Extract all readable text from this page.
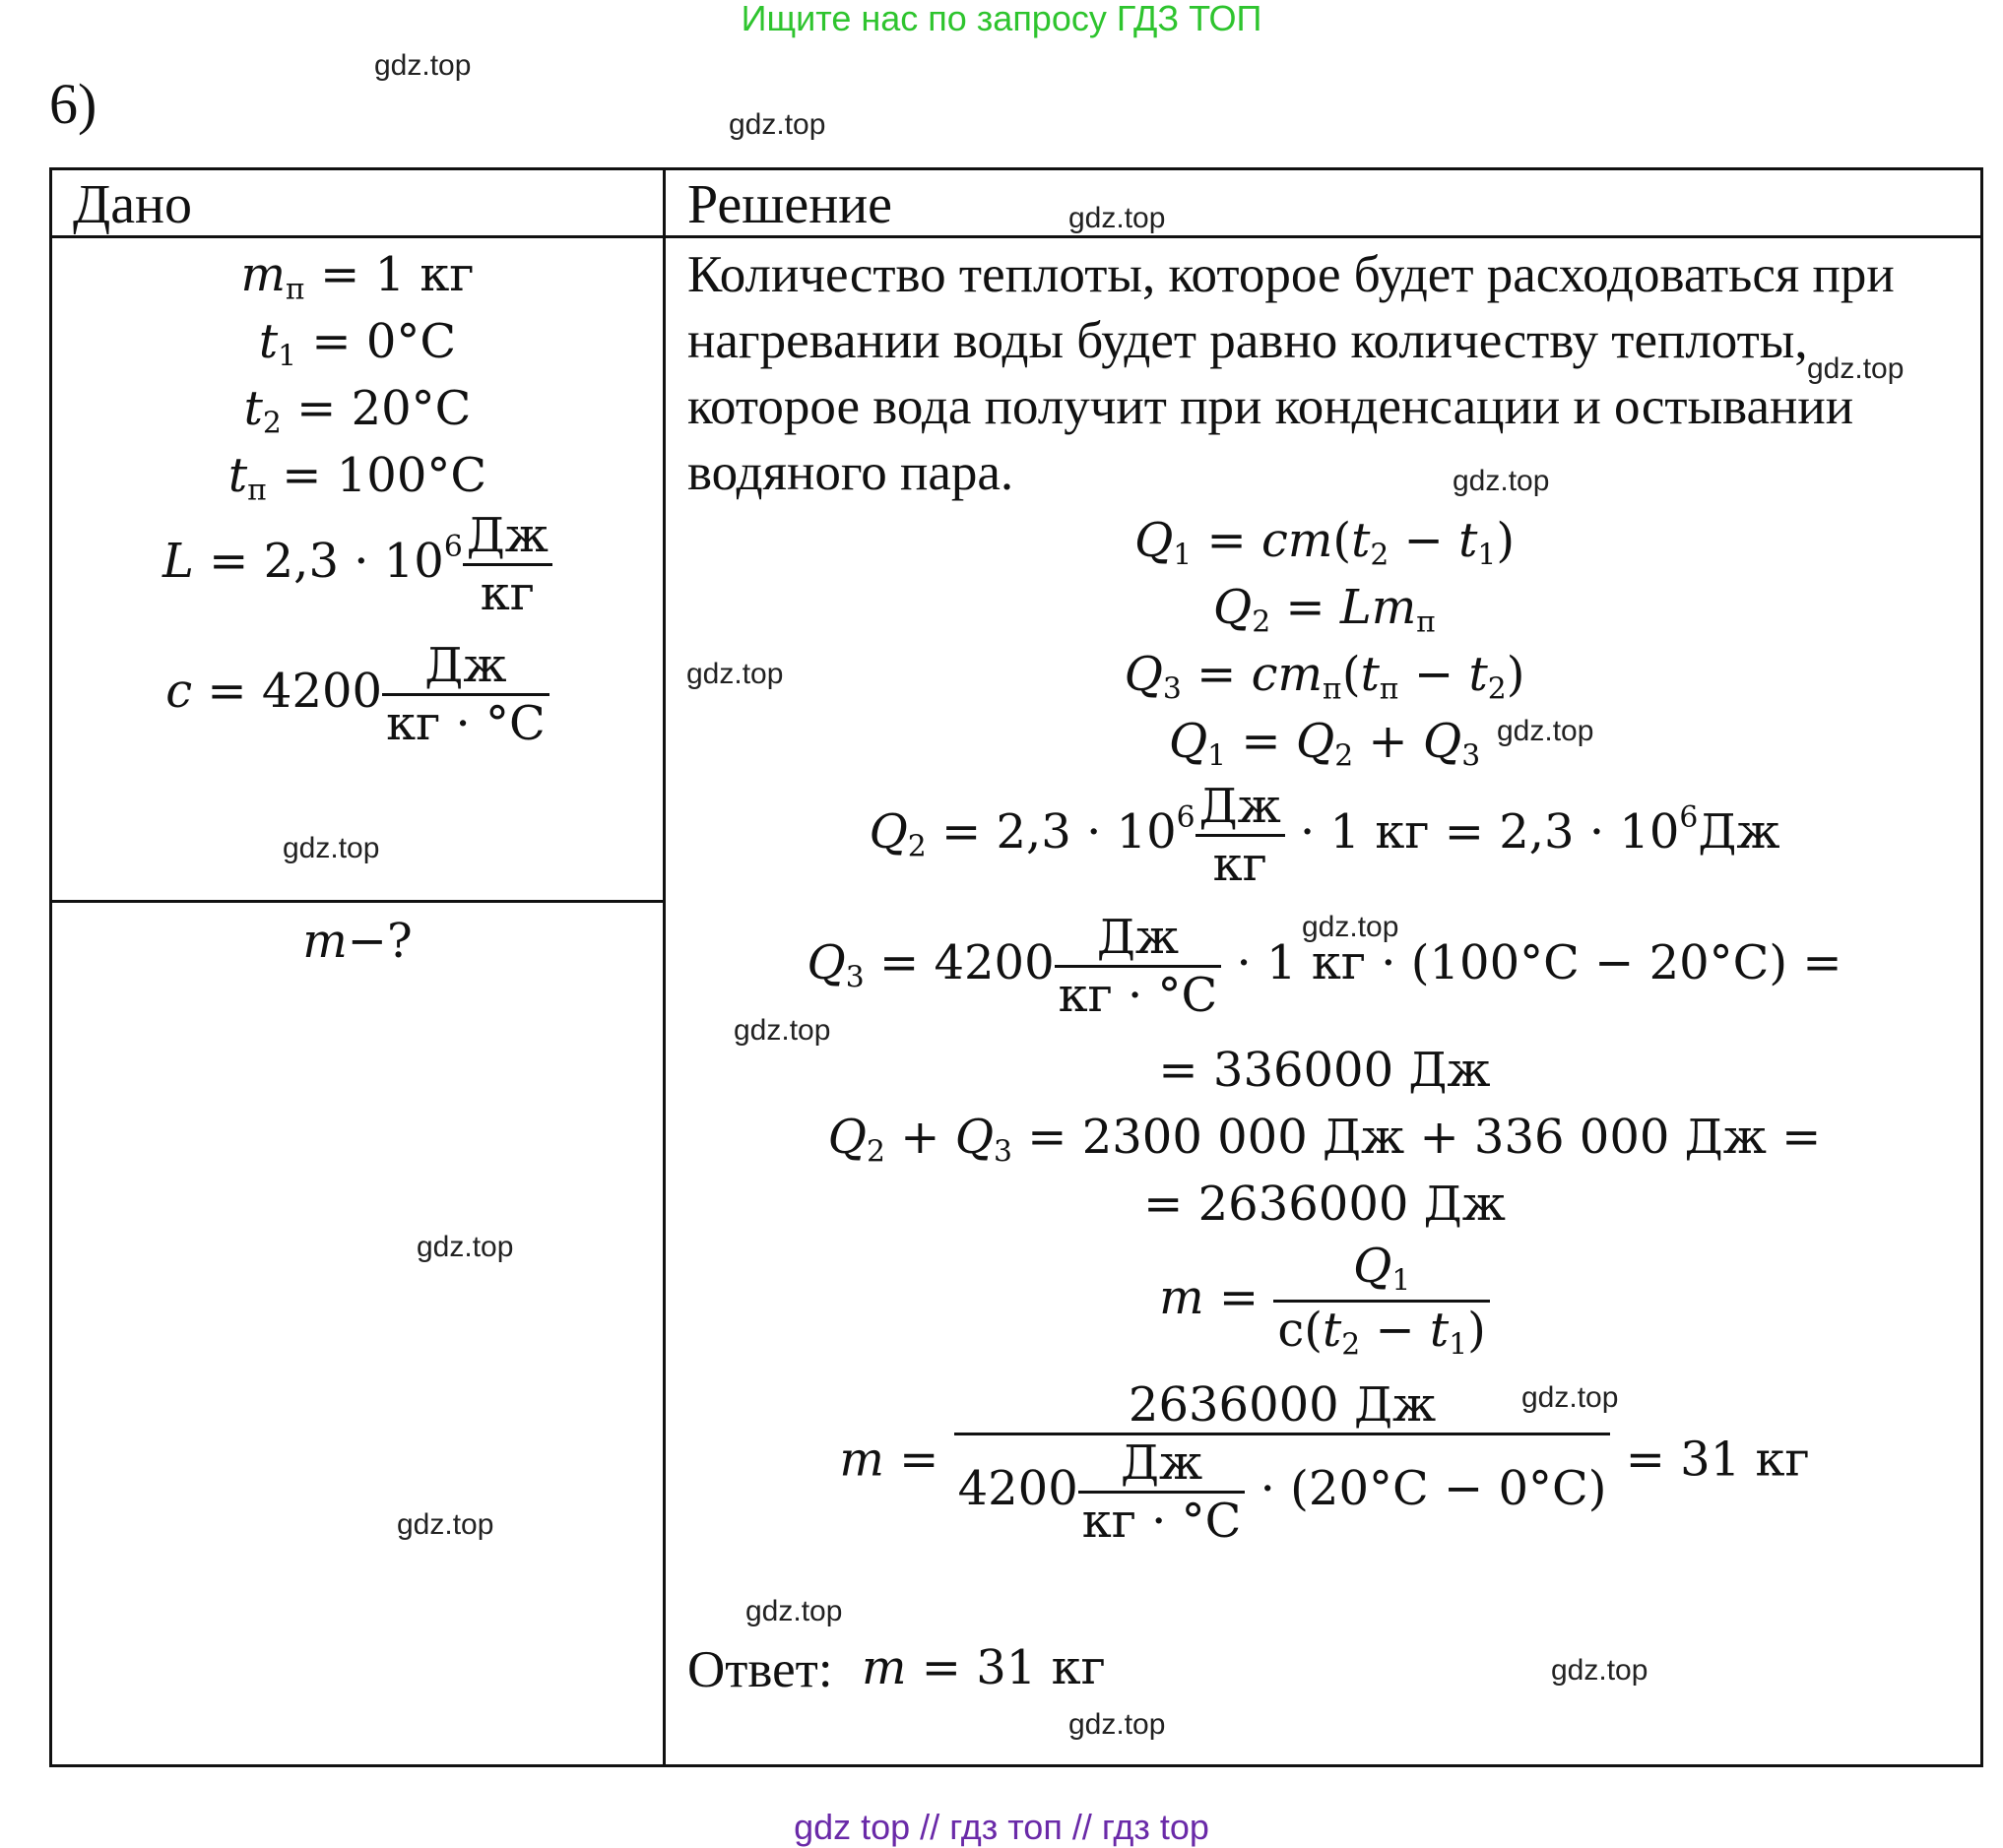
Ищите нас по запросу ГДЗ ТОП
6)
Дано	Решение
$m_п = 1$ кг
$t_1 = 0^\circ C$
$t_2 = 20^\circ C$
$t_п = 100^\circ C$
$L = 2,3 \cdot 10^6 \frac{Дж}{кг}$
$c = 4200 \frac{Дж}{кг \cdot ^\circ C}$
m−?
Количество теплоты, которое будет расходоваться при нагревании воды будет равно количеству теплоты, которое вода получит при конденсации и остывании водяного пара.
$Q_1 = cm(t_2 - t_1)$
$Q_2 = Lm_п$
$Q_3 = cm_п(t_п - t_2)$
$Q_1 = Q_2 + Q_3$
$Q_2 = 2,3 \cdot 10^6 \frac{Дж}{кг} \cdot 1$ кг = $2,3 \cdot 10^6Дж$
$Q_3 = 4200 \frac{Дж}{кг \cdot ^\circ C} \cdot 1$ кг · (100°C − 20°C) =
= 336000 Дж
$Q_2 + Q_3 = 2300$ 000 Дж + 336 000 Дж =
= 2636000 Дж
$m = \frac{Q_1}{c(t_2 - t_1)}$
$m = \frac{2636000 Дж}{4200 \frac{Дж}{кг \cdot ^\circ C} \cdot (20^\circ C - 0^\circ C)} = 31$ кг
Ответ: m = 31 кг
gdz.top
gdz.top
gdz.top
gdz.top
gdz.top
gdz.top
gdz.top
gdz.top
gdz.top
gdz.top
gdz.top
gdz.top
gdz.top
gdz.top
gdz.top
gdz.top
gdz top // гдз топ // гдз top
